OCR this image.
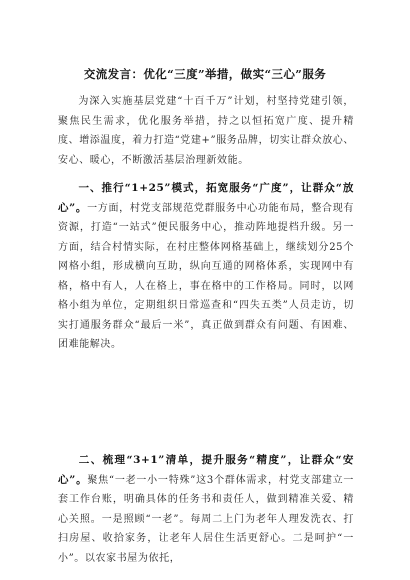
交流发言：优化“三度”举措，做实“三心”服务
为深入实施基层党建“十百千万”计划，村坚持党建引领，聚焦民生需求，优化服务举措，持之以恒拓宽广度、提升精度、增添温度，着力打造“党建+”服务品牌，切实让群众放心、安心、暖心，不断激活基层治理新效能。
一、推行“1+25”模式，拓宽服务“广度”，让群众“放心”。一方面，村党支部规范党群服务中心功能布局，整合现有资源，打造“一站式”便民服务中心，推动阵地提档升级。另一方面，结合村情实际，在村庄整体网格基础上，继续划分25个网格小组，形成横向互助，纵向互通的网格体系，实现网中有格，格中有人，人在格上，事在格中的工作格局。同时，以网格小组为单位，定期组织日常巡查和“四失五类”人员走访，切实打通服务群众“最后一米”，真正做到群众有问题、有困难、团难能解决。
二、梳理“3+1”清单，提升服务“精度”，让群众“安心”。聚焦“一老一小一特殊”这3个群体需求，村党支部建立一套工作台账，明确具体的任务书和责任人，做到精准关爱、精心关照。一是照顾“一老”。每周二上门为老年人理发洗衣、打扫房屋、收拾家务，让老年人居住生活更舒心。二是呵护“一小”。以农家书屋为依托，
